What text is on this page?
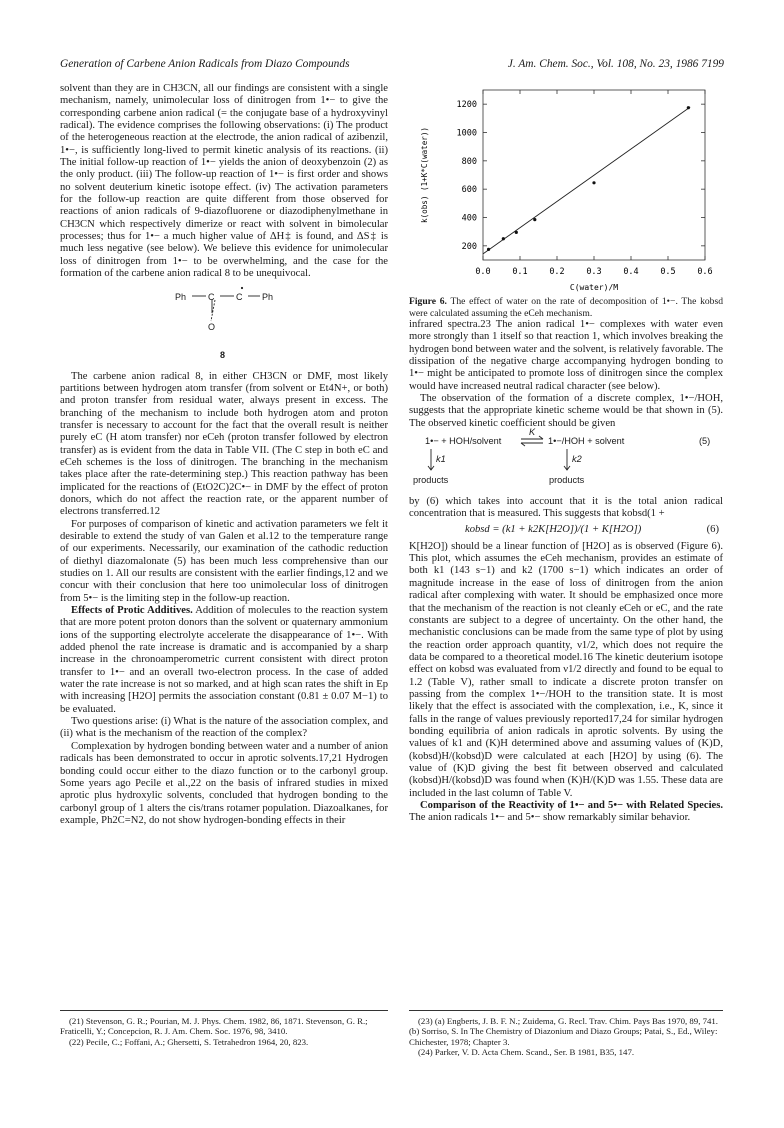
Generation of Carbene Anion Radicals from Diazo Compounds	J. Am. Chem. Soc., Vol. 108, No. 23, 1986 7199

solvent than they are in CH3CN, all our findings are consistent with a single mechanism, namely, unimolecular loss of dinitrogen from 1•− to give the corresponding carbene anion radical (= the conjugate base of a hydroxyvinyl radical). The evidence comprises the following observations: (i) The product of the heterogeneous reaction at the electrode, the anion radical of azibenzil, 1•−, is sufficiently long-lived to permit kinetic analysis of its reactions. (ii) The initial follow-up reaction of 1•− yields the anion of deoxybenzoin (2) as the only product. (iii) The follow-up reaction of 1•− is first order and shows no solvent deuterium kinetic isotope effect. (iv) The activation parameters for the follow-up reaction are quite different from those observed for reactions of anion radicals of 9-diazofluorene or diazodiphenylmethane in CH3CN which respectively dimerize or react with solvent in bimolecular processes; thus for 1•− a much higher value of ΔH‡ is found, and ΔS‡ is much less negative (see below). We believe this evidence for unimolecular loss of dinitrogen from 1•− to be overwhelming, and the case for the formation of the carbene anion radical 8 to be unequivocal.

Ph C C Ph
O
8

The carbene anion radical 8, in either CH3CN or DMF, most likely partitions between hydrogen atom transfer (from solvent or Et4N+, or both) and proton transfer from residual water, always present in excess. The branching of the mechanism to include both hydrogen atom and proton transfer is necessary to account for the fact that the overall result is neither purely eC (H atom transfer) nor eCeh (proton transfer followed by electron transfer) as is evident from the data in Table VII. (The C step in both eC and eCeh schemes is the loss of dinitrogen. The branching in the mechanism takes place after the rate-determining step.) This reaction pathway has been implicated for the reactions of (EtO2C)2C•− in DMF by the effect of proton donors, which do not affect the reaction rate, or the apparent number of electrons transferred.12

For purposes of comparison of kinetic and activation parameters we felt it desirable to extend the study of van Galen et al.12 to the temperature range of our experiments. Necessarily, our examination of the cathodic reduction of diethyl diazomalonate (5) has been much less comprehensive than our studies on 1. All our results are consistent with the earlier findings,12 and we concur with their conclusion that here too unimolecular loss of dinitrogen from 5•− is the limiting step in the follow-up reaction.

Effects of Protic Additives. Addition of molecules to the reaction system that are more potent proton donors than the solvent or quaternary ammonium ions of the supporting electrolyte accelerate the disappearance of 1•−. With added phenol the rate increase is dramatic and is accompanied by a sharp increase in the chronoamperometric current consistent with direct proton transfer to 1•− and an overall two-electron process. In the case of added water the rate increase is not so marked, and at high scan rates the shift in Ep with increasing [H2O] permits the association constant (0.81 ± 0.07 M−1) to be evaluated.

Two questions arise: (i) What is the nature of the association complex, and (ii) what is the mechanism of the reaction of the complex?

Complexation by hydrogen bonding between water and a number of anion radicals has been demonstrated to occur in aprotic solvents.17,21 Hydrogen bonding could occur either to the diazo function or to the carbonyl group. Some years ago Pecile et al.,22 on the basis of infrared studies in mixed aprotic plus hydroxylic solvents, concluded that hydrogen bonding to the carbonyl group of 1 alters the cis/trans rotamer population. Diazoalkanes, for example, Ph2C=N2, do not show hydrogen-bonding effects in their

0.0	0.1	0.2	0.3	0.4	0.5	0.6
200
400
600
800
1000
1200
C(water)/M
k(obs) (1+K*C(water))

Figure 6. The effect of water on the rate of decomposition of 1•−. The kobsd were calculated assuming the eCeh mechanism.

infrared spectra.23 The anion radical 1•− complexes with water even more strongly than 1 itself so that reaction 1, which involves breaking the hydrogen bond between water and the solvent, is relatively favorable. The dissipation of the negative charge accompanying hydrogen bonding to 1•− might be anticipated to promote loss of dinitrogen since the complex would have increased neutral radical character (see below).

The observation of the formation of a discrete complex, 1•−/HOH, suggests that the appropriate kinetic scheme would be that shown in (5). The observed kinetic coefficient should be given

1•− + HOH/solvent
K
1•−/HOH + solvent	(5)
k1	k2
products	products

by (6) which takes into account that it is the total anion radical concentration that is measured. This suggests that kobsd(1 +

kobsd = (k1 + k2K[H2O])/(1 + K[H2O])	(6)

K[H2O]) should be a linear function of [H2O] as is observed (Figure 6). This plot, which assumes the eCeh mechanism, provides an estimate of both k1 (143 s−1) and k2 (1700 s−1) which indicates an order of magnitude increase in the ease of loss of dinitrogen from the anion radical after complexing with water. It should be emphasized once more that the mechanism of the reaction is not cleanly eCeh or eC, and the rate constants are subject to a degree of uncertainty. On the other hand, the mechanistic conclusions can be made from the same type of plot by using the reaction order approach quantity, ν1/2, which does not require the data be compared to a theoretical model.16 The kinetic deuterium isotope effect on kobsd was evaluated from ν1/2 directly and found to be equal to 1.2 (Table V), rather small to indicate a discrete proton transfer on passing from the complex 1•−/HOH to the transition state. It is most likely that the effect is associated with the complexation, i.e., K, since it falls in the range of values previously reported17,24 for similar hydrogen bonding equilibria of anion radicals in aprotic solvents. By using the values of k1 and (K)H determined above and assuming values of (K)D, (kobsd)H/(kobsd)D were calculated at each [H2O] by using (6). The value of (K)D giving the best fit between observed and calculated (kobsd)H/(kobsd)D was found when (K)H/(K)D was 1.55. These data are included in the last column of Table V.

Comparison of the Reactivity of 1•− and 5•− with Related Species. The anion radicals 1•− and 5•− show remarkably similar behavior.

(21) Stevenson, G. R.; Pourian, M. J. Phys. Chem. 1982, 86, 1871. Stevenson, G. R.; Fraticelli, Y.; Concepcion, R. J. Am. Chem. Soc. 1976, 98, 3410.

(22) Pecile, C.; Foffani, A.; Ghersetti, S. Tetrahedron 1964, 20, 823.

(23) (a) Engberts, J. B. F. N.; Zuidema, G. Recl. Trav. Chim. Pays Bas 1970, 89, 741. (b) Sorriso, S. In The Chemistry of Diazonium and Diazo Groups; Patai, S., Ed., Wiley: Chichester, 1978; Chapter 3.

(24) Parker, V. D. Acta Chem. Scand., Ser. B 1981, B35, 147.
